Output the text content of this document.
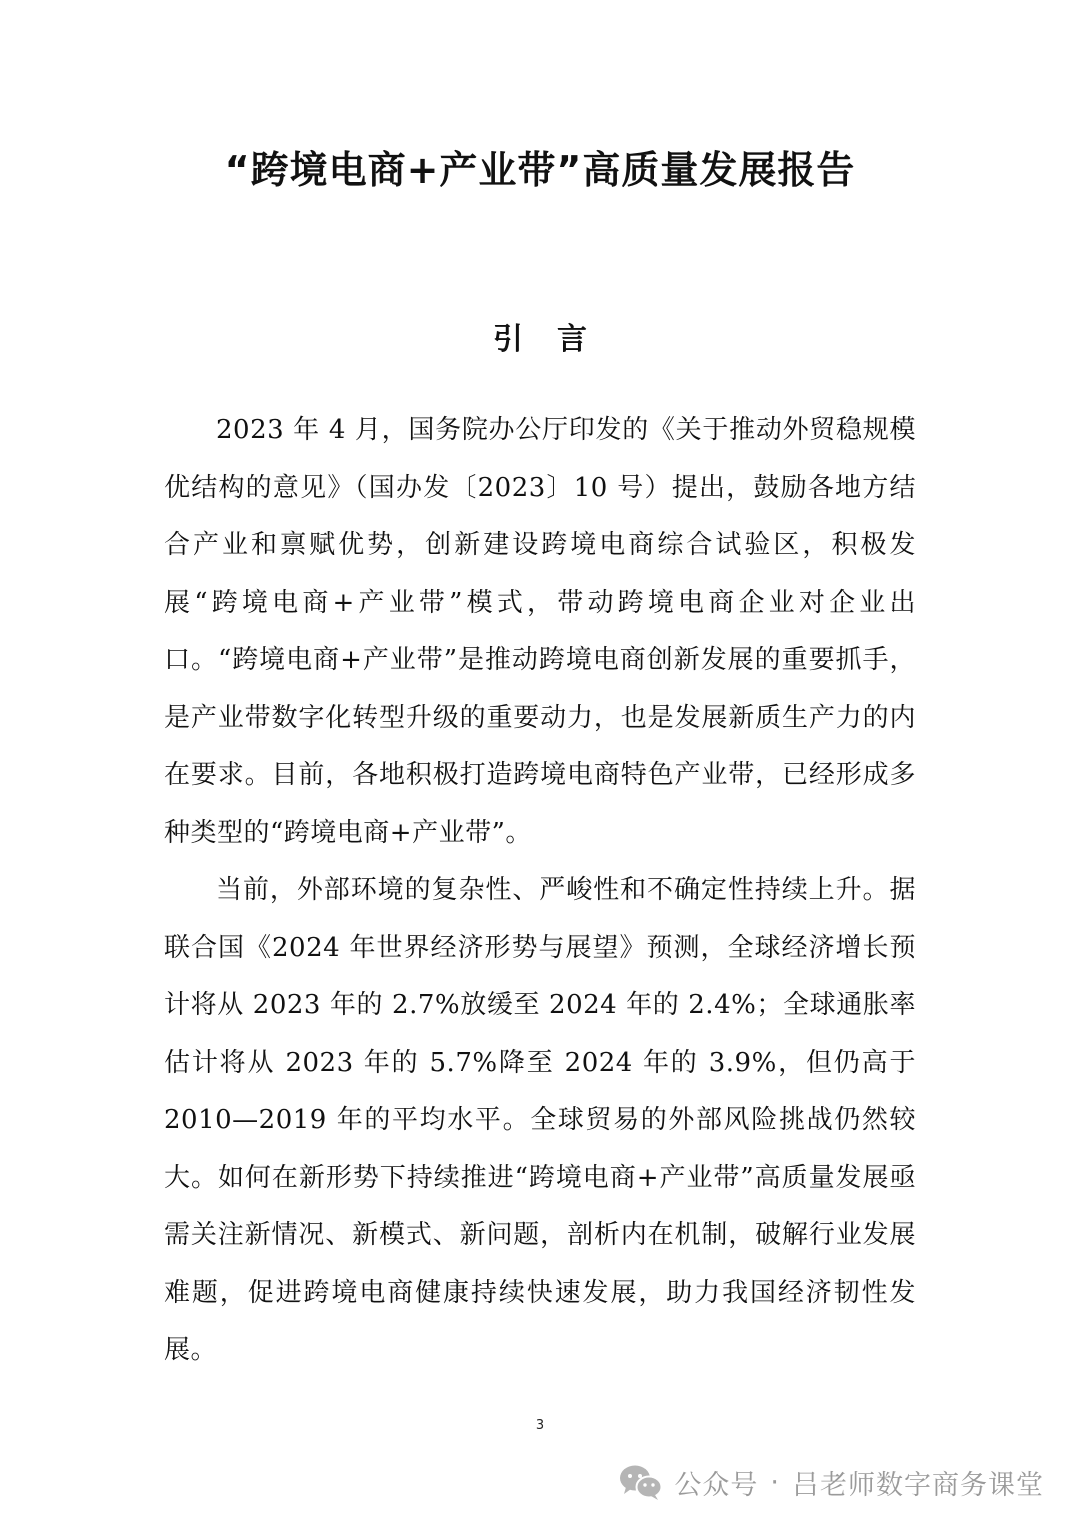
“跨境电商+产业带”高质量发展报告
引言

2023 年 4 月，国务院办公厅印发的《关于推动外贸稳规模优结构的意见》（国办发〔2023〕10 号）提出，鼓励各地方结合产业和禀赋优势，创新建设跨境电商综合试验区，积极发展“跨境电商+产业带”模式，带动跨境电商企业对企业出口。“跨境电商+产业带”是推动跨境电商创新发展的重要抓手，是产业带数字化转型升级的重要动力，也是发展新质生产力的内在要求。目前，各地积极打造跨境电商特色产业带，已经形成多种类型的“跨境电商+产业带”。

当前，外部环境的复杂性、严峻性和不确定性持续上升。据联合国《2024 年世界经济形势与展望》预测，全球经济增长预计将从 2023 年的 2.7%放缓至 2024 年的 2.4%；全球通胀率估计将从 2023 年的 5.7%降至 2024 年的 3.9%，但仍高于 2010—2019 年的平均水平。全球贸易的外部风险挑战仍然较大。如何在新形势下持续推进“跨境电商+产业带”高质量发展亟需关注新情况、新模式、新问题，剖析内在机制，破解行业发展难题，促进跨境电商健康持续快速发展，助力我国经济韧性发展。

3
公众号 · 吕老师数字商务课堂
